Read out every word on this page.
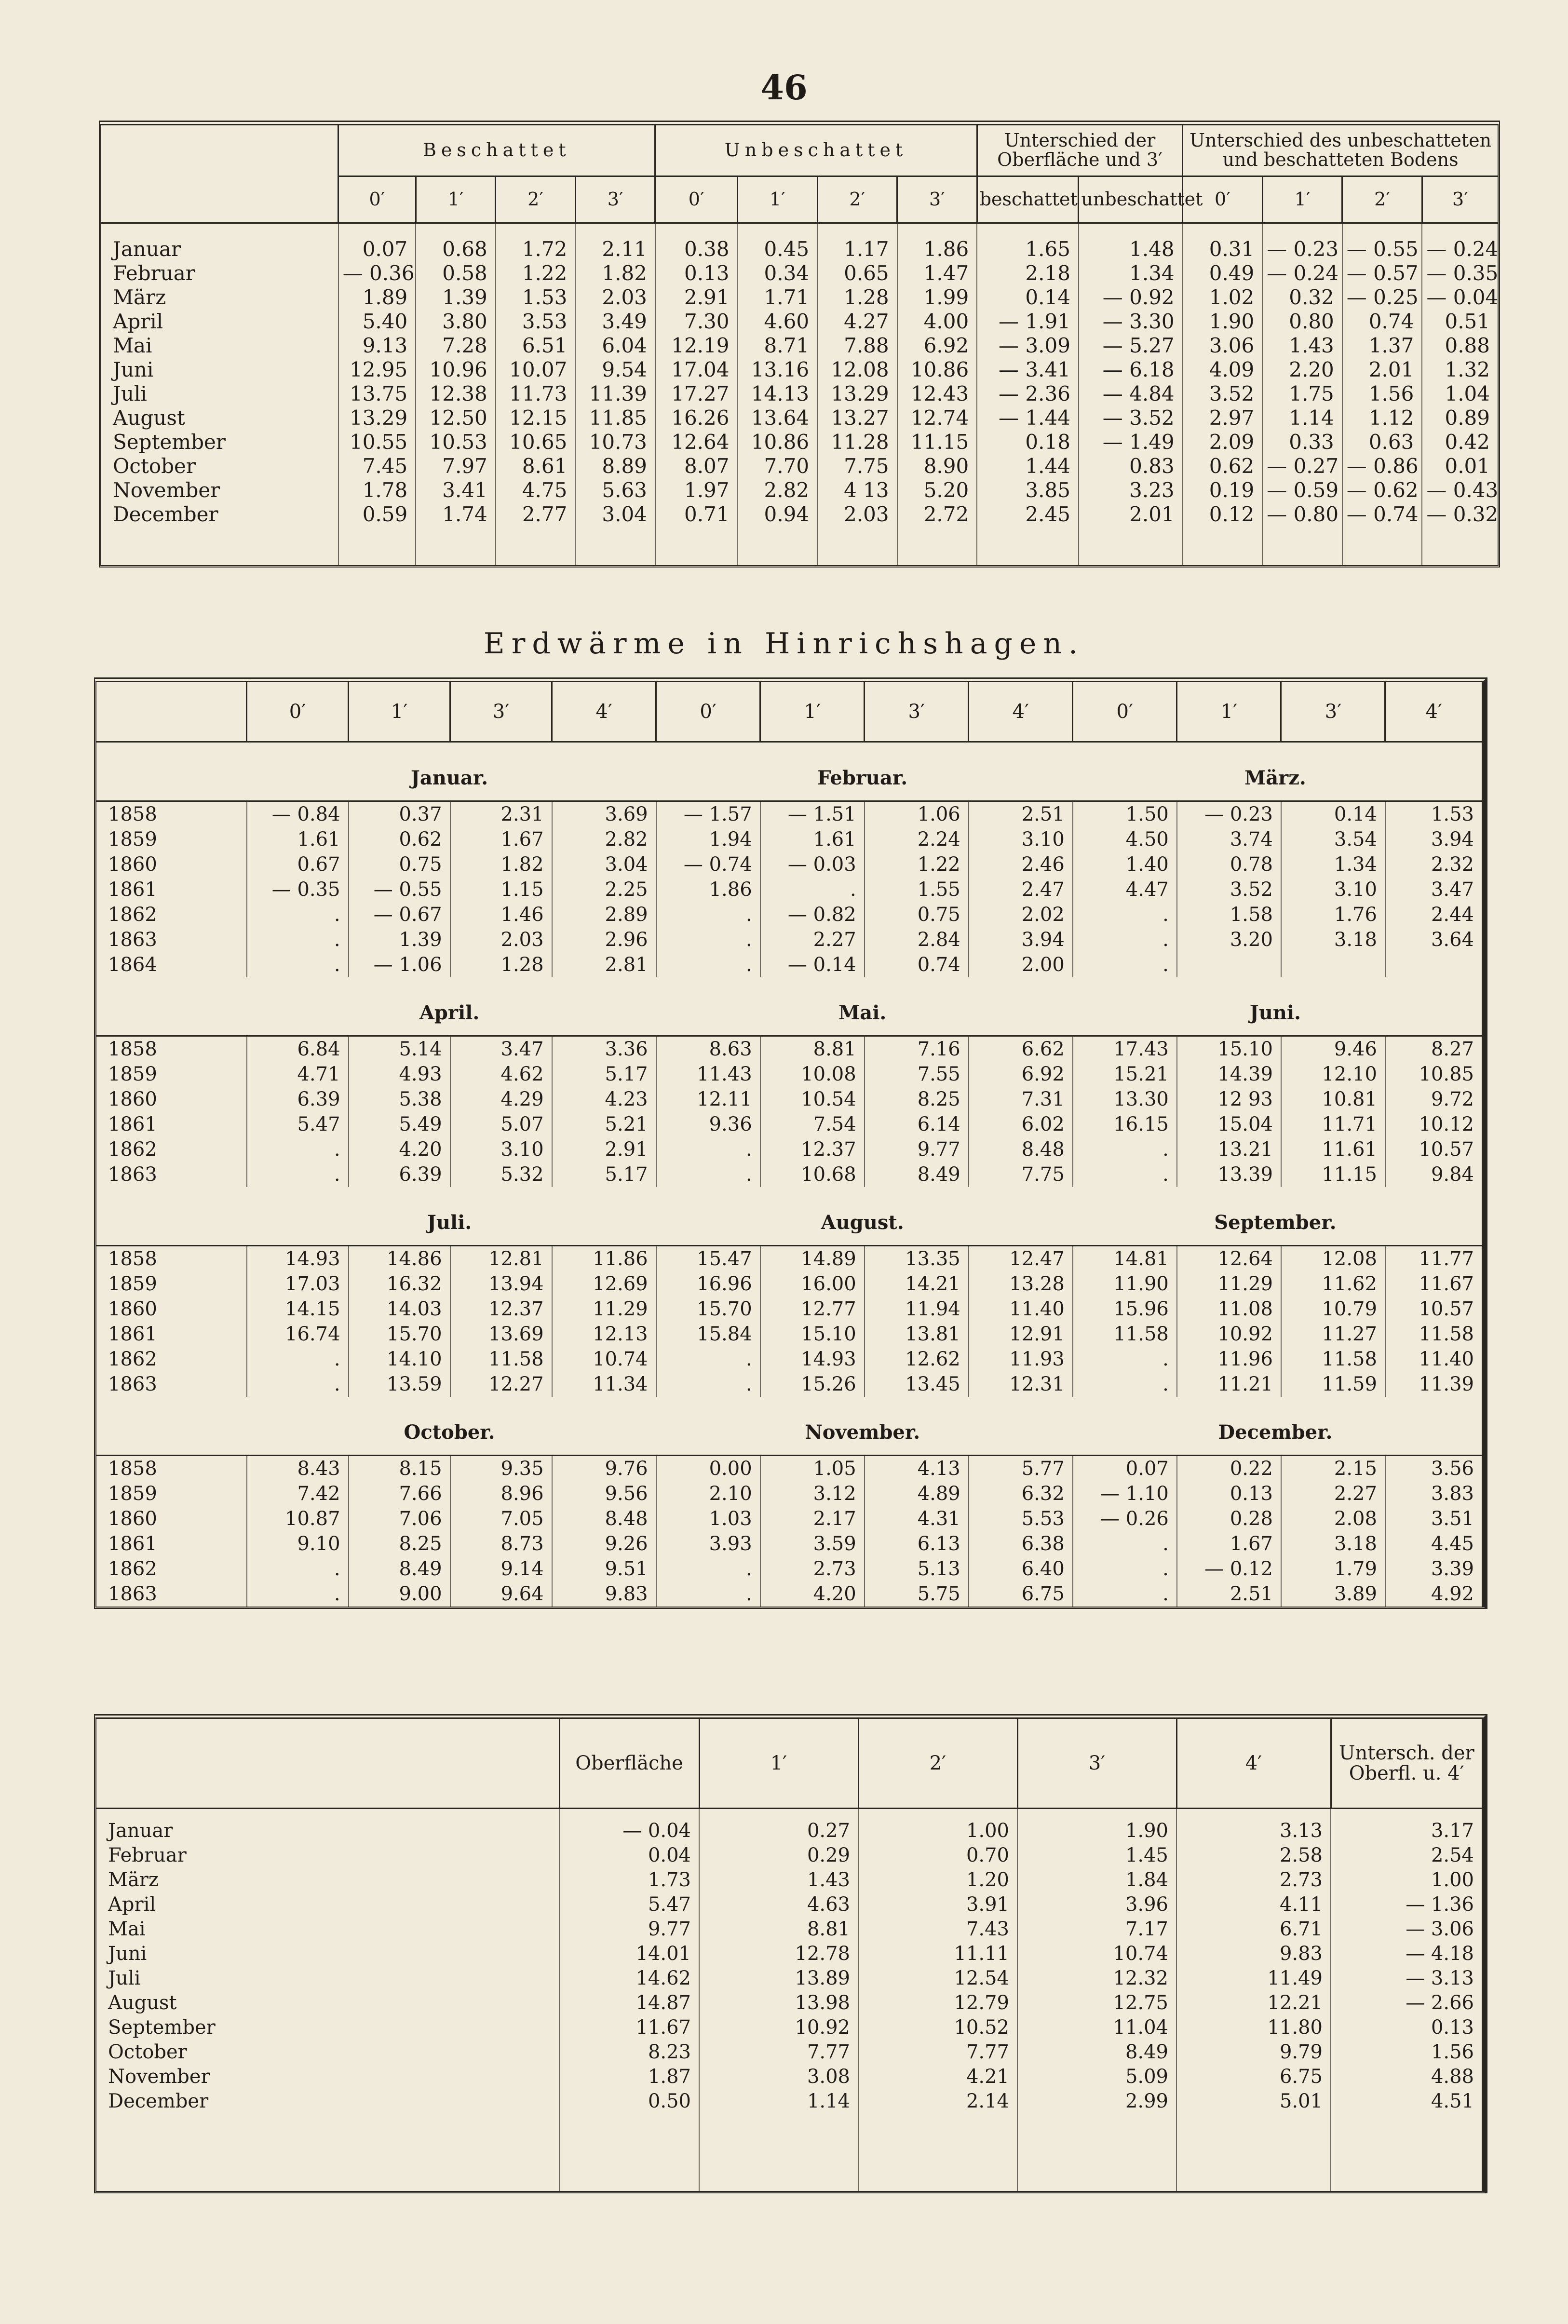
46
	Beschattet				Unbeschattet				Unterschied der Oberfläche und 3′		Unterschied des unbeschatteten und beschatteten Bodens			
	0′	1′	2′	3′	0′	1′	2′	3′	beschattet	unbeschattet	0′	1′	2′	3′
Januar	0.07	0.68	1.72	2.11	0.38	0.45	1.17	1.86	1.65	1.48	0.31	— 0.23	— 0.55	— 0.24
Februar	— 0.36	0.58	1.22	1.82	0.13	0.34	0.65	1.47	2.18	1.34	0.49	— 0.24	— 0.57	— 0.35
März	1.89	1.39	1.53	2.03	2.91	1.71	1.28	1.99	0.14	— 0.92	1.02	0.32	— 0.25	— 0.04
April	5.40	3.80	3.53	3.49	7.30	4.60	4.27	4.00	— 1.91	— 3.30	1.90	0.80	0.74	0.51
Mai	9.13	7.28	6.51	6.04	12.19	8.71	7.88	6.92	— 3.09	— 5.27	3.06	1.43	1.37	0.88
Juni	12.95	10.96	10.07	9.54	17.04	13.16	12.08	10.86	— 3.41	— 6.18	4.09	2.20	2.01	1.32
Juli	13.75	12.38	11.73	11.39	17.27	14.13	13.29	12.43	— 2.36	— 4.84	3.52	1.75	1.56	1.04
August	13.29	12.50	12.15	11.85	16.26	13.64	13.27	12.74	— 1.44	— 3.52	2.97	1.14	1.12	0.89
September	10.55	10.53	10.65	10.73	12.64	10.86	11.28	11.15	0.18	— 1.49	2.09	0.33	0.63	0.42
October	7.45	7.97	8.61	8.89	8.07	7.70	7.75	8.90	1.44	0.83	0.62	— 0.27	— 0.86	0.01
November	1.78	3.41	4.75	5.63	1.97	2.82	4 13	5.20	3.85	3.23	0.19	— 0.59	— 0.62	— 0.43
December	0.59	1.74	2.77	3.04	0.71	0.94	2.03	2.72	2.45	2.01	0.12	— 0.80	— 0.74	— 0.32

Erdwärme in Hinrichshagen.
	0′	1′	3′	4′	0′	1′	3′	4′	0′	1′	3′	4′
	Januar.				Februar.				März.			
1858	— 0.84	0.37	2.31	3.69	— 1.57	— 1.51	1.06	2.51	1.50	— 0.23	0.14	1.53
1859	1.61	0.62	1.67	2.82	1.94	1.61	2.24	3.10	4.50	3.74	3.54	3.94
1860	0.67	0.75	1.82	3.04	— 0.74	— 0.03	1.22	2.46	1.40	0.78	1.34	2.32
1861	— 0.35	— 0.55	1.15	2.25	1.86	.	1.55	2.47	4.47	3.52	3.10	3.47
1862	.	— 0.67	1.46	2.89	.	— 0.82	0.75	2.02	.	1.58	1.76	2.44
1863	.	1.39	2.03	2.96	.	2.27	2.84	3.94	.	3.20	3.18	3.64
1864	.	— 1.06	1.28	2.81	.	— 0.14	0.74	2.00	.			
	April.				Mai.				Juni.			
1858	6.84	5.14	3.47	3.36	8.63	8.81	7.16	6.62	17.43	15.10	9.46	8.27
1859	4.71	4.93	4.62	5.17	11.43	10.08	7.55	6.92	15.21	14.39	12.10	10.85
1860	6.39	5.38	4.29	4.23	12.11	10.54	8.25	7.31	13.30	12 93	10.81	9.72
1861	5.47	5.49	5.07	5.21	9.36	7.54	6.14	6.02	16.15	15.04	11.71	10.12
1862	.	4.20	3.10	2.91	.	12.37	9.77	8.48	.	13.21	11.61	10.57
1863	.	6.39	5.32	5.17	.	10.68	8.49	7.75	.	13.39	11.15	9.84
	Juli.				August.				September.			
1858	14.93	14.86	12.81	11.86	15.47	14.89	13.35	12.47	14.81	12.64	12.08	11.77
1859	17.03	16.32	13.94	12.69	16.96	16.00	14.21	13.28	11.90	11.29	11.62	11.67
1860	14.15	14.03	12.37	11.29	15.70	12.77	11.94	11.40	15.96	11.08	10.79	10.57
1861	16.74	15.70	13.69	12.13	15.84	15.10	13.81	12.91	11.58	10.92	11.27	11.58
1862	.	14.10	11.58	10.74	.	14.93	12.62	11.93	.	11.96	11.58	11.40
1863	.	13.59	12.27	11.34	.	15.26	13.45	12.31	.	11.21	11.59	11.39
	October.				November.				December.			
1858	8.43	8.15	9.35	9.76	0.00	1.05	4.13	5.77	0.07	0.22	2.15	3.56
1859	7.42	7.66	8.96	9.56	2.10	3.12	4.89	6.32	— 1.10	0.13	2.27	3.83
1860	10.87	7.06	7.05	8.48	1.03	2.17	4.31	5.53	— 0.26	0.28	2.08	3.51
1861	9.10	8.25	8.73	9.26	3.93	3.59	6.13	6.38	.	1.67	3.18	4.45
1862	.	8.49	9.14	9.51	.	2.73	5.13	6.40	.	— 0.12	1.79	3.39
1863	.	9.00	9.64	9.83	.	4.20	5.75	6.75	.	2.51	3.89	4.92
	Oberfläche	1′	2′	3′	4′	Untersch. der Oberfl. u. 4′
Januar	— 0.04	0.27	1.00	1.90	3.13	3.17
Februar	0.04	0.29	0.70	1.45	2.58	2.54
März	1.73	1.43	1.20	1.84	2.73	1.00
April	5.47	4.63	3.91	3.96	4.11	— 1.36
Mai	9.77	8.81	7.43	7.17	6.71	— 3.06
Juni	14.01	12.78	11.11	10.74	9.83	— 4.18
Juli	14.62	13.89	12.54	12.32	11.49	— 3.13
August	14.87	13.98	12.79	12.75	12.21	— 2.66
September	11.67	10.92	10.52	11.04	11.80	0.13
October	8.23	7.77	7.77	8.49	9.79	1.56
November	1.87	3.08	4.21	5.09	6.75	4.88
December	0.50	1.14	2.14	2.99	5.01	4.51
